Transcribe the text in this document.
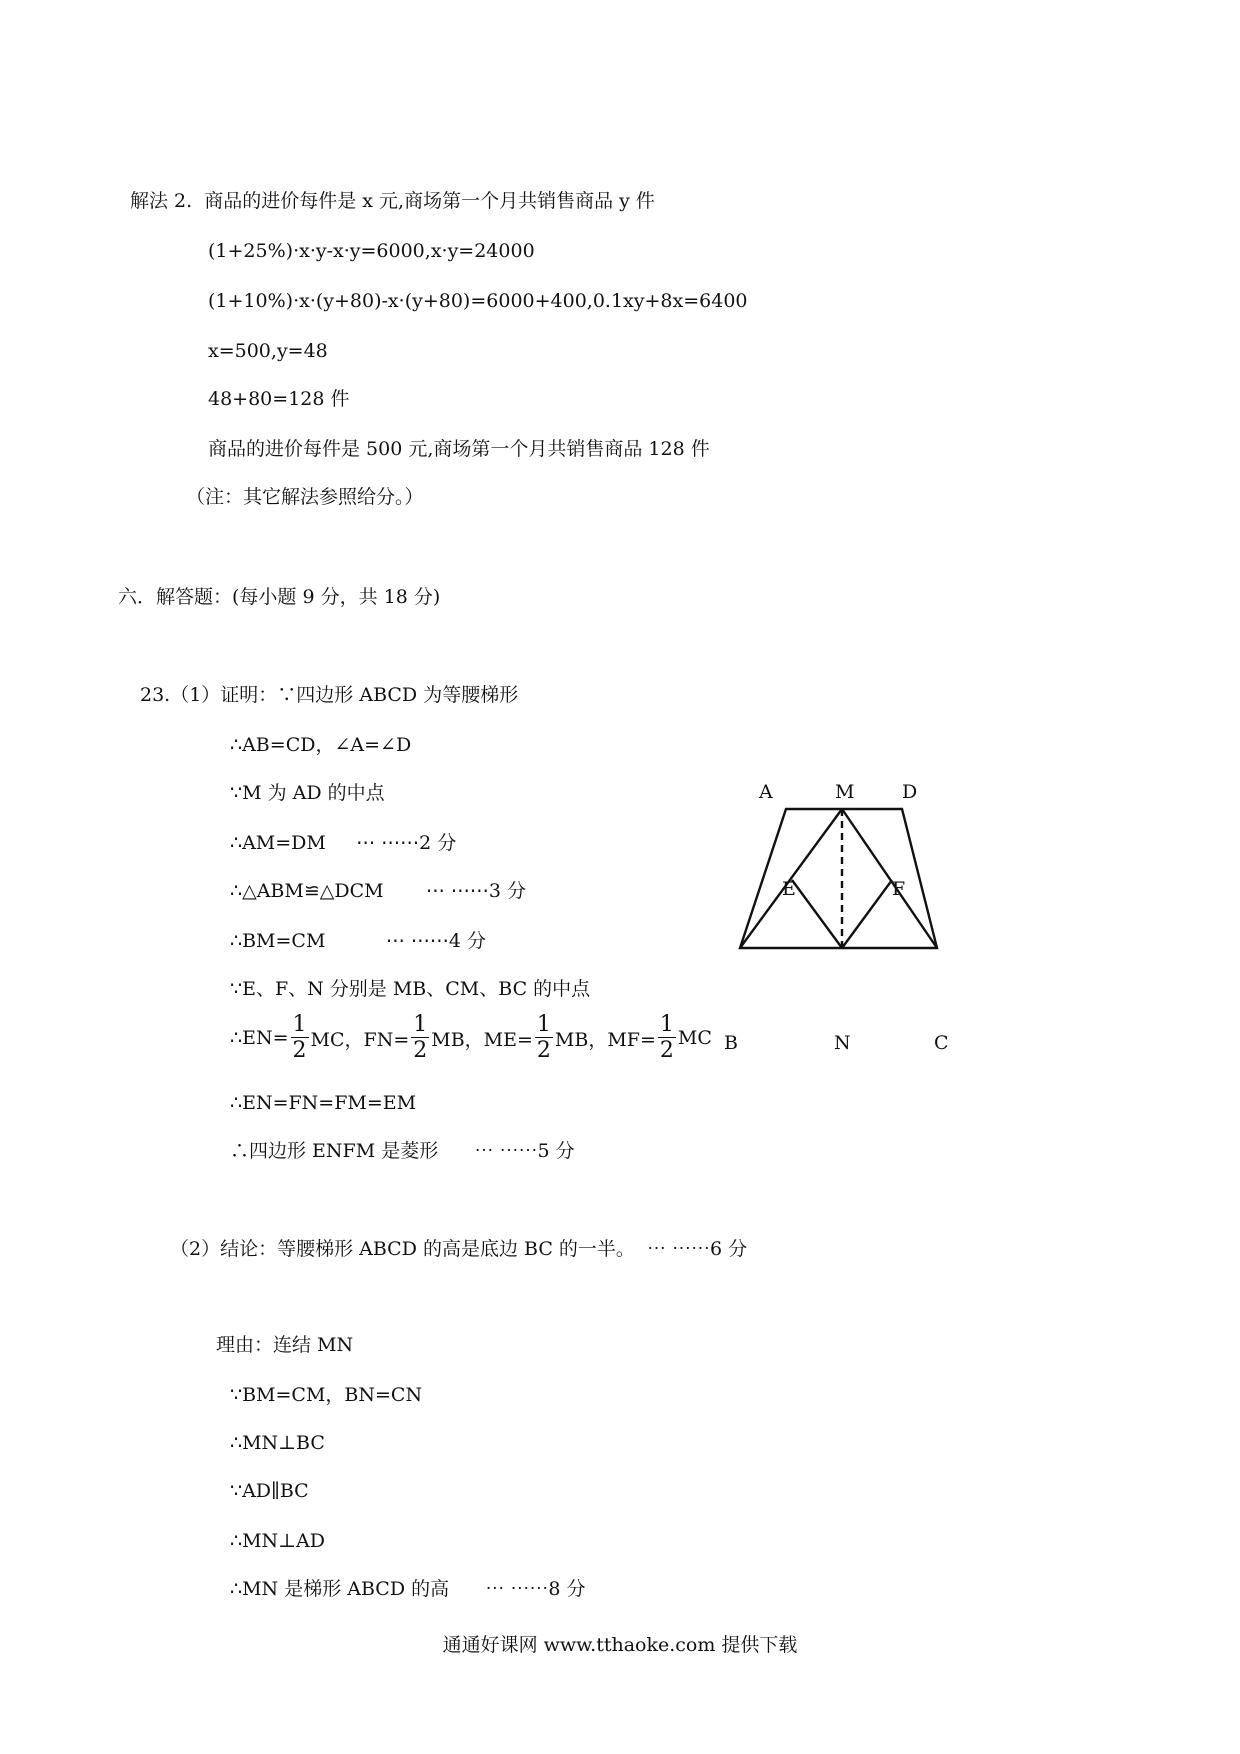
解法 2.  商品的进价每件是 x 元,商场第一个月共销售商品 y 件
(1+25%)·x·y-x·y=6000,x·y=24000
(1+10%)·x·(y+80)-x·(y+80)=6000+400,0.1xy+8x=6400
x=500,y=48
48+80=128 件
商品的进价每件是 500 元,商场第一个月共销售商品 128 件
（注：其它解法参照给分。）
六．解答题：(每小题 9 分，共 18 分)
23.（1）证明：∵四边形 ABCD 为等腰梯形
∴AB=CD，∠A=∠D
∵M 为 AD 的中点
∴AM=DM     ⋯ ⋯⋯2 分
∴△ABM≌△DCM       ⋯ ⋯⋯3 分
∴BM=CM          ⋯ ⋯⋯4 分
∵E、F、N 分别是 MB、CM、BC 的中点
∴EN= $\frac{1}{2}$ MC，$FN= \frac{1}{2}$ MB，$ME= \frac{1}{2}$ MB，$MF= \frac{1}{2}$ MC
∴EN=FN=FM=EM
∴四边形 ENFM 是菱形      ⋯ ⋯⋯5 分
（2）结论：等腰梯形 ABCD 的高是底边 BC 的一半。  ⋯ ⋯⋯6 分
理由：连结 MN
∵BM=CM，BN=CN
∴MN⊥BC
∵AD∥BC
∴MN⊥AD
∴MN 是梯形 ABCD 的高      ⋯ ⋯⋯8 分
A	M	D
E	F
B	N	C
通通好课网 www.tthaoke.com 提供下载
